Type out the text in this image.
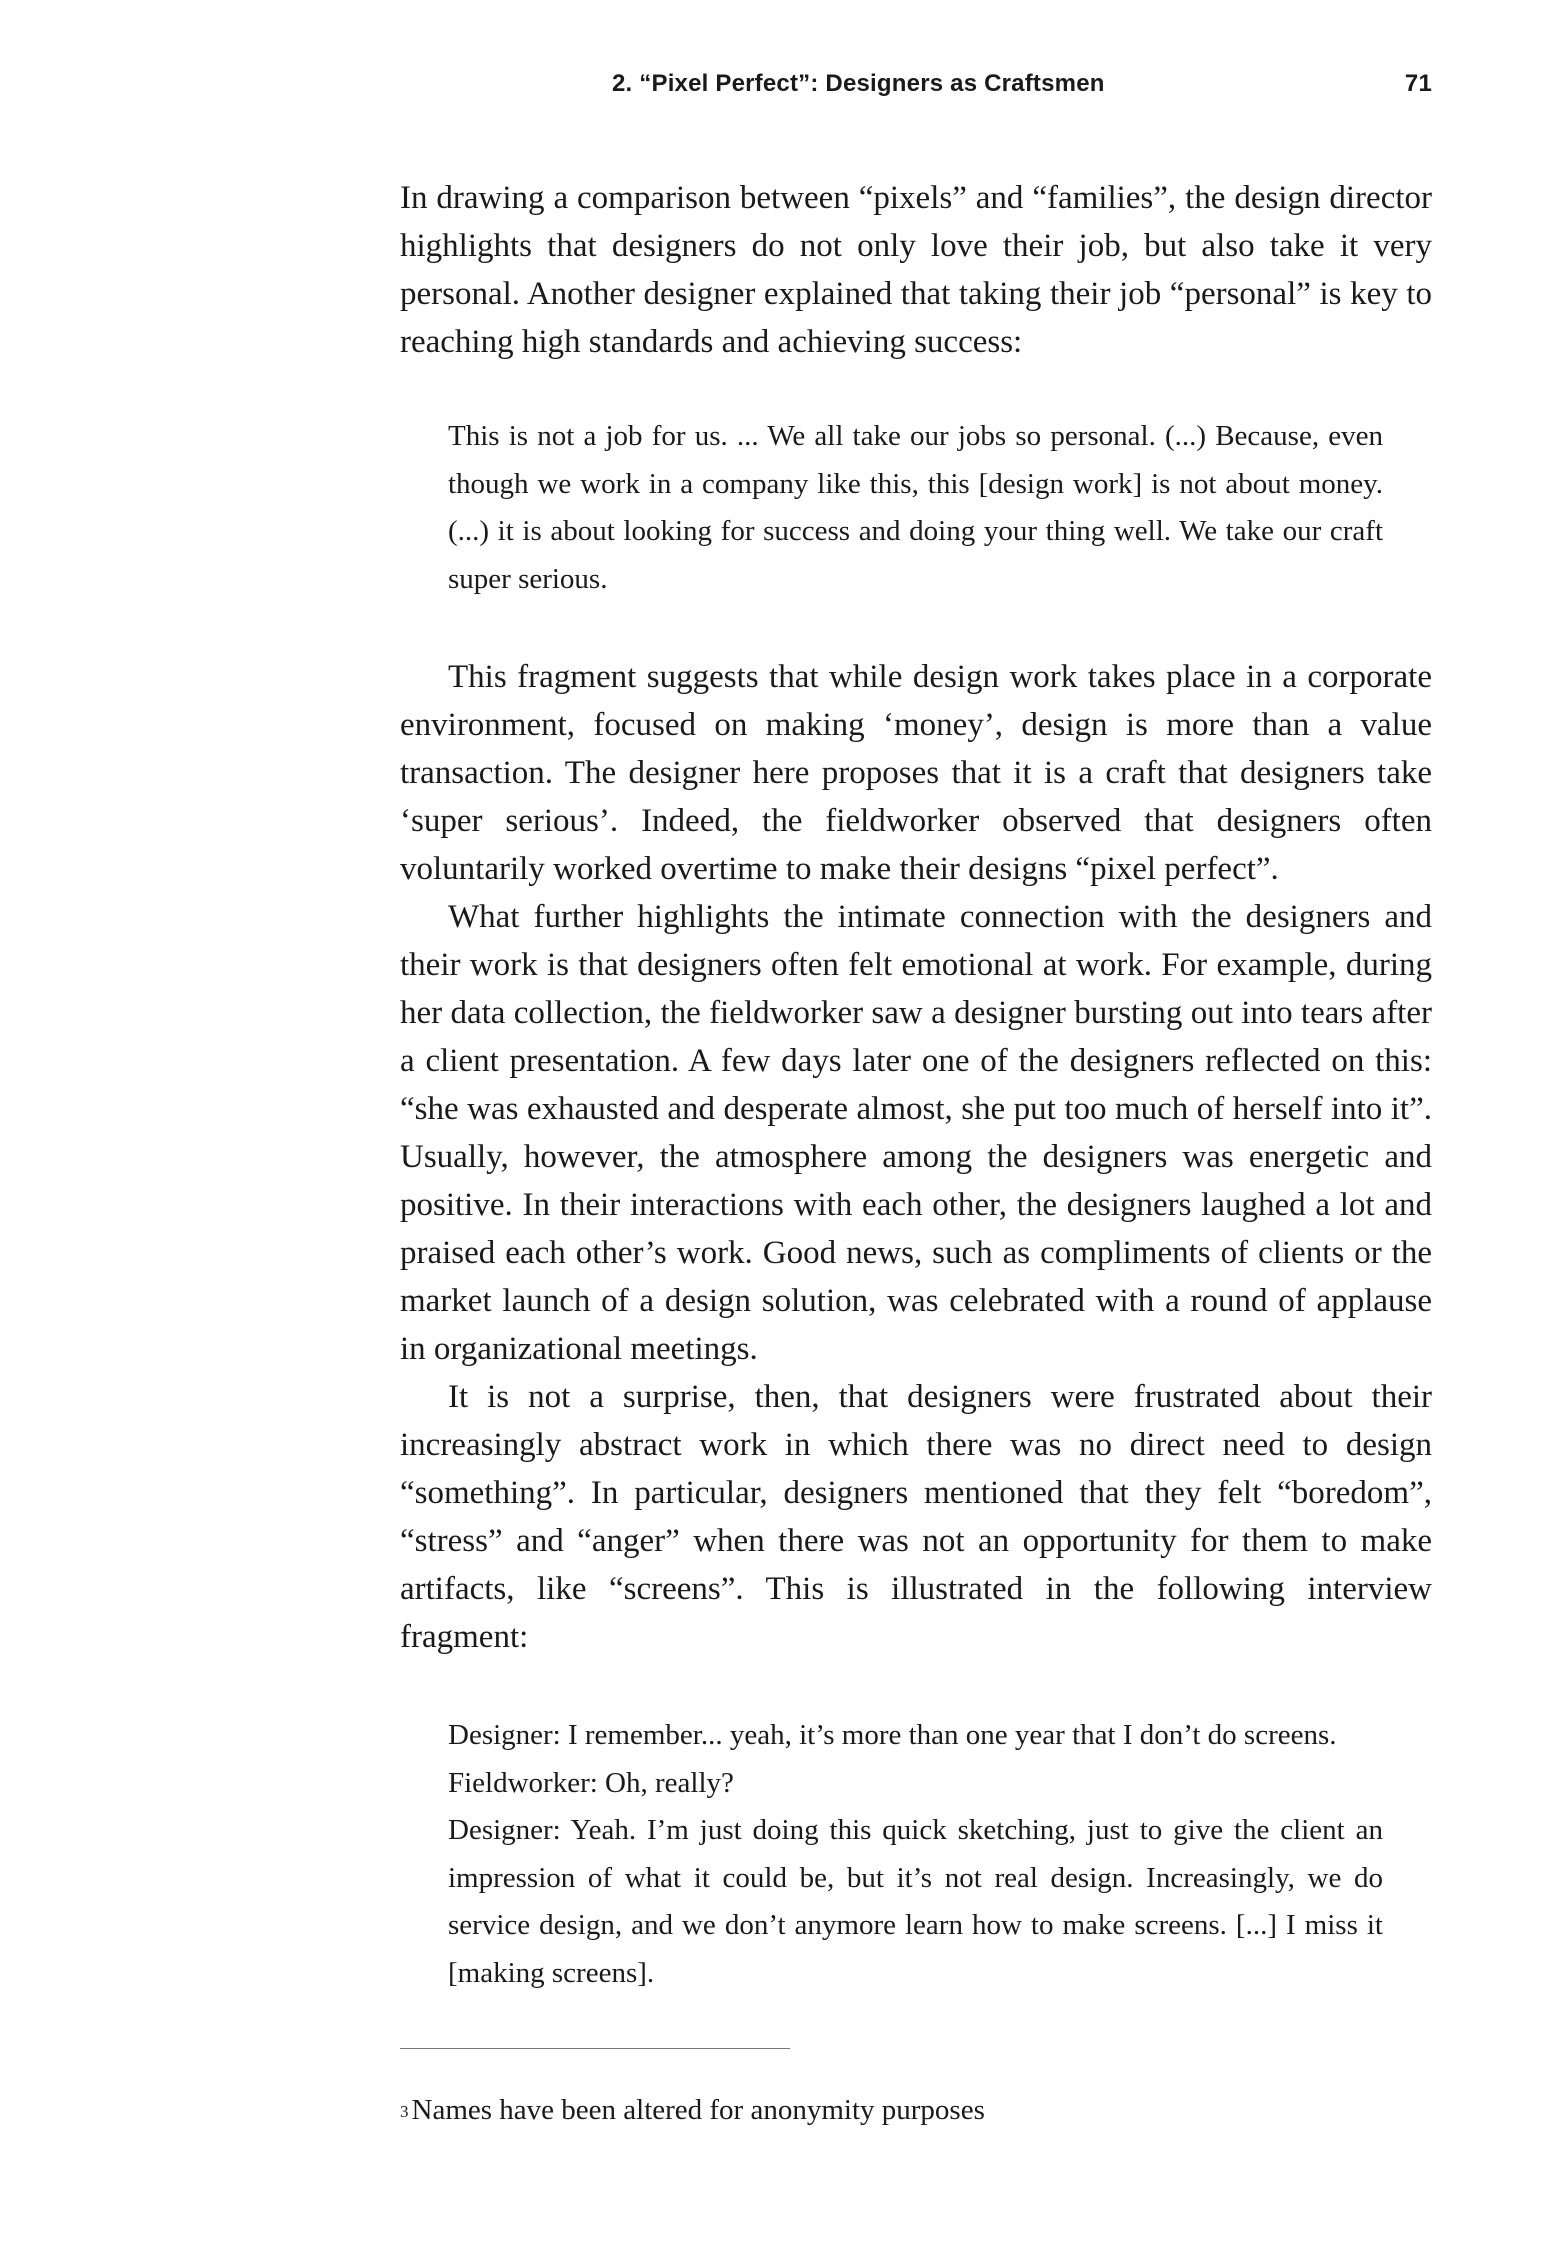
2. “Pixel Perfect”: Designers as Craftsmen	71

In drawing a comparison between “pixels” and “families”, the design director highlights that designers do not only love their job, but also take it very personal. Another designer explained that taking their job “personal” is key to reaching high standards and achieving success:

This is not a job for us. ... We all take our jobs so personal. (...) Because, even though we work in a company like this, this [design work] is not about money. (...) it is about looking for success and doing your thing well. We take our craft super serious.

This fragment suggests that while design work takes place in a corporate environment, focused on making ‘money’, design is more than a value transaction. The designer here proposes that it is a craft that designers take ‘super serious’. Indeed, the fieldworker observed that designers often voluntarily worked overtime to make their designs “pixel perfect”.

What further highlights the intimate connection with the designers and their work is that designers often felt emotional at work. For example, during her data collection, the fieldworker saw a designer bursting out into tears after a client presentation. A few days later one of the designers reflected on this: “she was exhausted and desperate almost, she put too much of herself into it”. Usually, however, the atmosphere among the designers was energetic and positive. In their interactions with each other, the designers laughed a lot and praised each other’s work. Good news, such as compliments of clients or the market launch of a design solution, was celebrated with a round of applause in organizational meetings.

It is not a surprise, then, that designers were frustrated about their increasingly abstract work in which there was no direct need to design “something”. In particular, designers mentioned that they felt “boredom”, “stress” and “anger” when there was not an opportunity for them to make artifacts, like “screens”. This is illustrated in the following interview fragment:

Designer: I remember... yeah, it’s more than one year that I don’t do screens.

Fieldworker: Oh, really?

Designer: Yeah. I’m just doing this quick sketching, just to give the client an impression of what it could be, but it’s not real design. Increasingly, we do service design, and we don’t anymore learn how to make screens. [...] I miss it [making screens].

$^3$ Names have been altered for anonymity purposes
